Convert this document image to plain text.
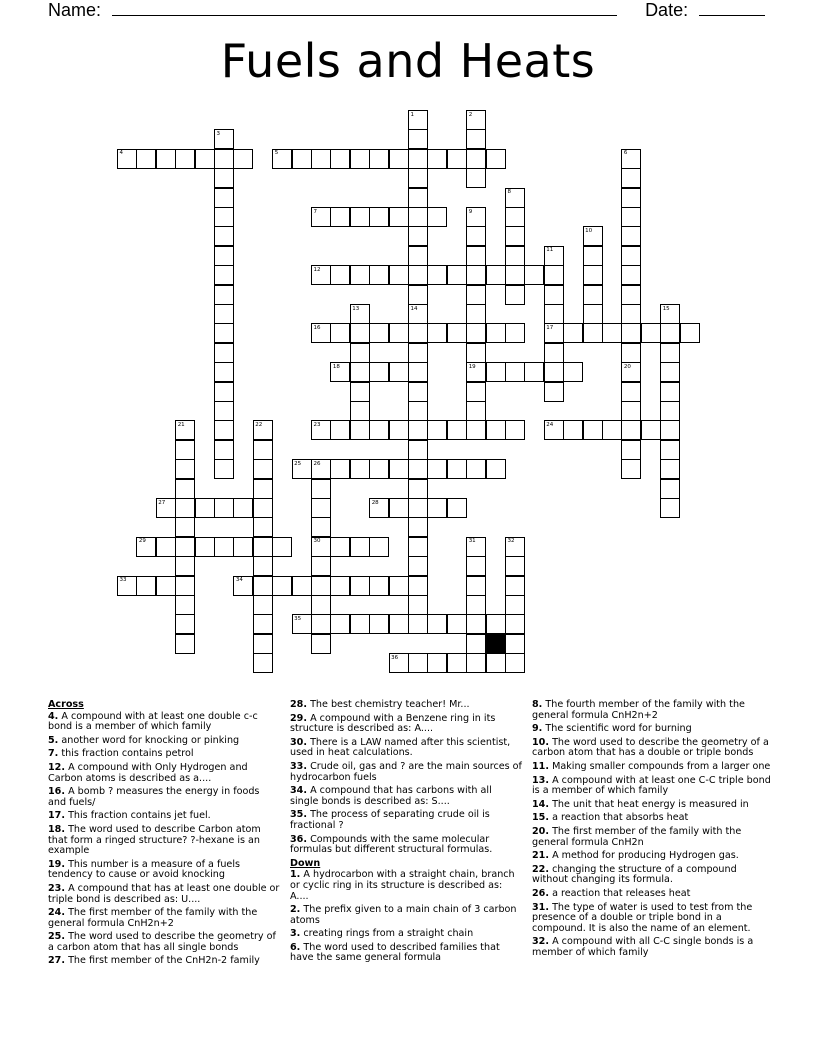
Name:	Date:
Fuels and Heats
4	5
7
12
16	17
18	19
23	24
25 26
27	28
29	30
33	34
35
36
1
14
2
3
6
20
8
9
10
11
13	15
21	22
31	32
Across
4. A compound with at least one double c-c bond is a member of which family
5. another word for knocking or pinking
7. this fraction contains petrol
12. A compound with Only Hydrogen and Carbon atoms is described as a....
16. A bomb ? measures the energy in foods and fuels/
17. This fraction contains jet fuel.
18. The word used to describe Carbon atom that form a ringed structure? ?-hexane is an example
19. This number is a measure of a fuels tendency to cause or avoid knocking
23. A compound that has at least one double or triple bond is described as: U....
24. The first member of the family with the general formula CnH2n+2
25. The word used to describe the geometry of a carbon atom that has all single bonds
27. The first member of the CnH2n-2 family
28. The best chemistry teacher! Mr...
29. A compound with a Benzene ring in its structure is described as: A....
30. There is a LAW named after this scientist, used in heat calculations.
33. Crude oil, gas and ? are the main sources of hydrocarbon fuels
34. A compound that has carbons with all single bonds is described as: S....
35. The process of separating crude oil is fractional ?
36. Compounds with the same molecular formulas but different structural formulas.
Down
1. A hydrocarbon with a straight chain, branch or cyclic ring in its structure is described as: A....
2. The prefix given to a main chain of 3 carbon atoms
3. creating rings from a straight chain
6. The word used to described families that have the same general formula
8. The fourth member of the family with the general formula CnH2n+2
9. The scientific word for burning
10. The word used to describe the geometry of a carbon atom that has a double or triple bonds
11. Making smaller compounds from a larger one
13. A compound with at least one C-C triple bond is a member of which family
14. The unit that heat energy is measured in
15. a reaction that absorbs heat
20. The first member of the family with the general formula CnH2n
21. A method for producing Hydrogen gas.
22. changing the structure of a compound without changing its formula.
26. a reaction that releases heat
31. The type of water is used to test from the presence of a double or triple bond in a compound. It is also the name of an element.
32. A compound with all C-C single bonds is a member of which family
